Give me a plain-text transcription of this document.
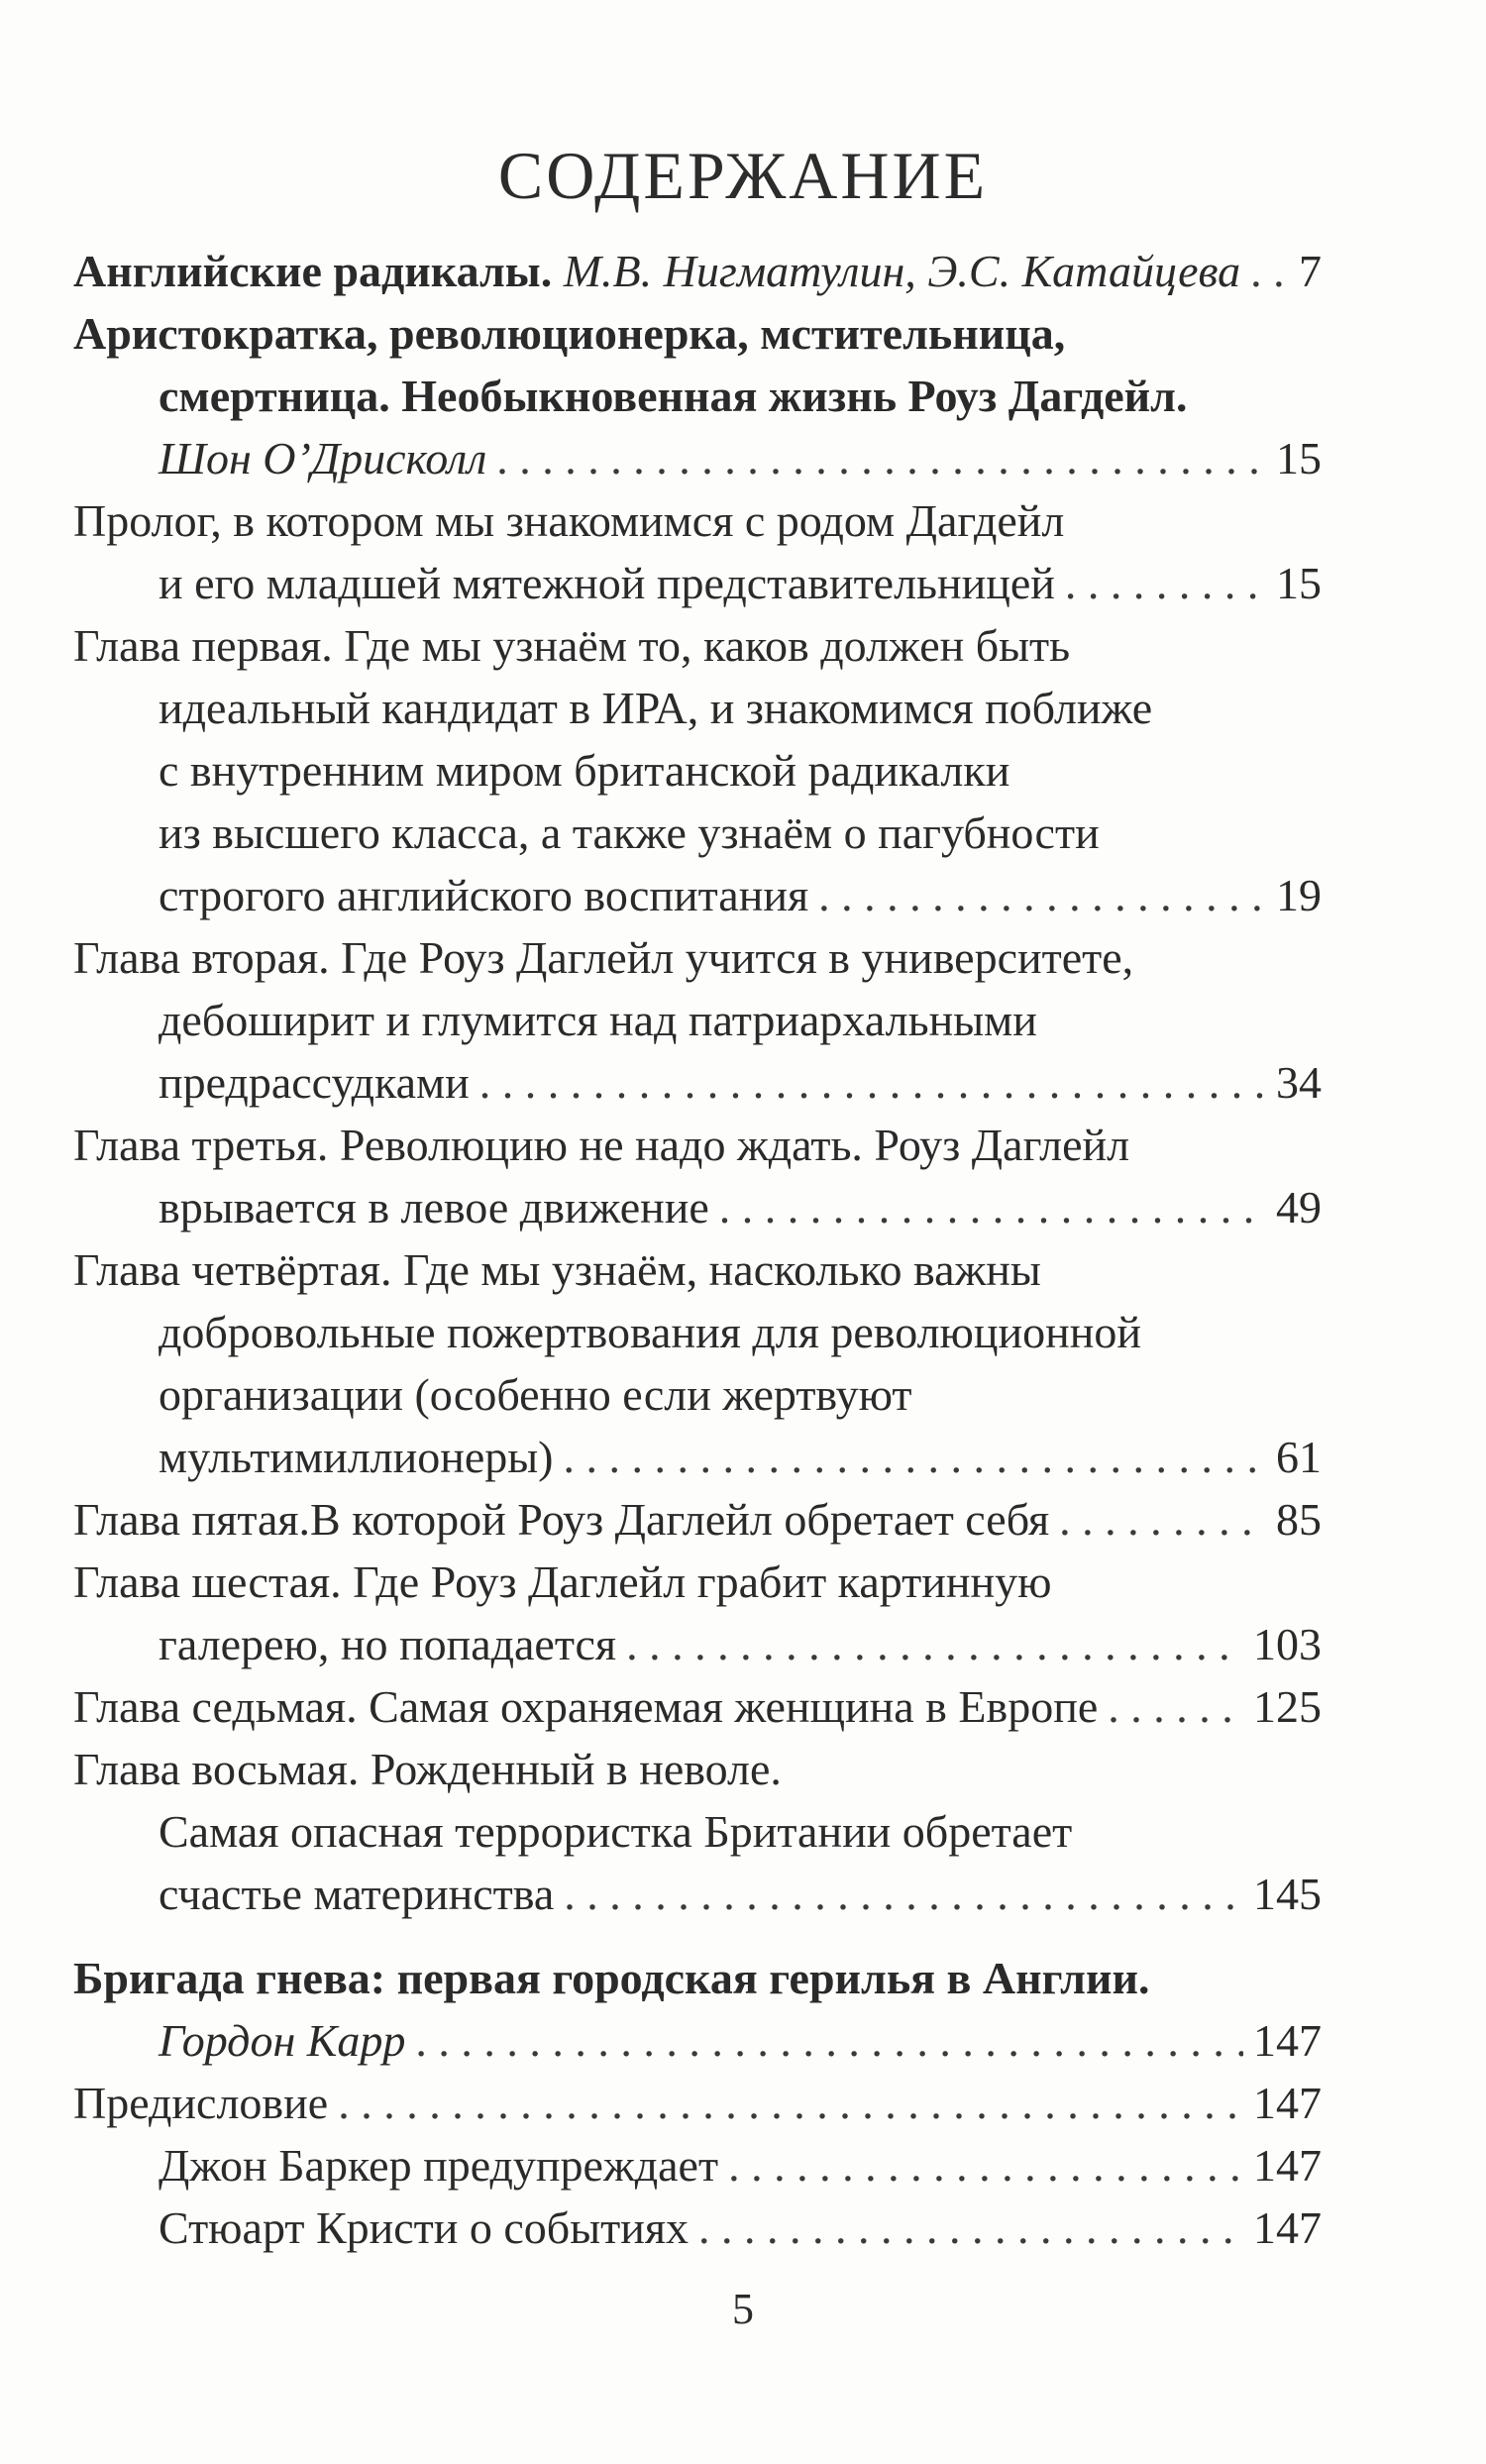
СОДЕРЖАНИЕ
Английские радикалы.
М.В. Нигматулин, Э.С. Катайцева . . . 7
Аристократка, революционерка, мстительница,
смертница. Необыкновенная жизнь Роуз Дагдейл.
Шон О’Дрисколл . . .	15
Пролог, в котором мы знакомимся с родом Дагдейл
и его младшей мятежной представительницей . . .	15
Глава первая. Где мы узнаём то, каков должен быть
идеальный кандидат в ИРА, и знакомимся поближе
с внутренним миром британской радикалки
из высшего класса, а также узнаём о пагубности
строгого английского воспитания . . .	19
Глава вторая. Где Роуз Даглейл учится в университете,
дебоширит и глумится над патриархальными
предрассудками . . .	34
Глава третья. Революцию не надо ждать. Роуз Даглейл
врывается в левое движение . . .	49
Глава четвёртая. Где мы узнаём, насколько важны
добровольные пожертвования для революционной
организации (особенно если жертвуют
мультимиллионеры) . . .	61
Глава пятая.В которой Роуз Даглейл обретает себя . . .	85
Глава шестая. Где Роуз Даглейл грабит картинную
галерею, но попадается . . .	103
Глава седьмая. Самая охраняемая женщина в Европе . . .	125
Глава восьмая. Рожденный в неволе.
Самая опасная террористка Британии обретает
счастье материнства . . .	145
Бригада гнева: первая городская герилья в Англии.
Гордон Карр . . .	147
Предисловие . . .	147
Джон Баркер предупреждает . . .	147
Стюарт Кристи о событиях . . .	147
5
